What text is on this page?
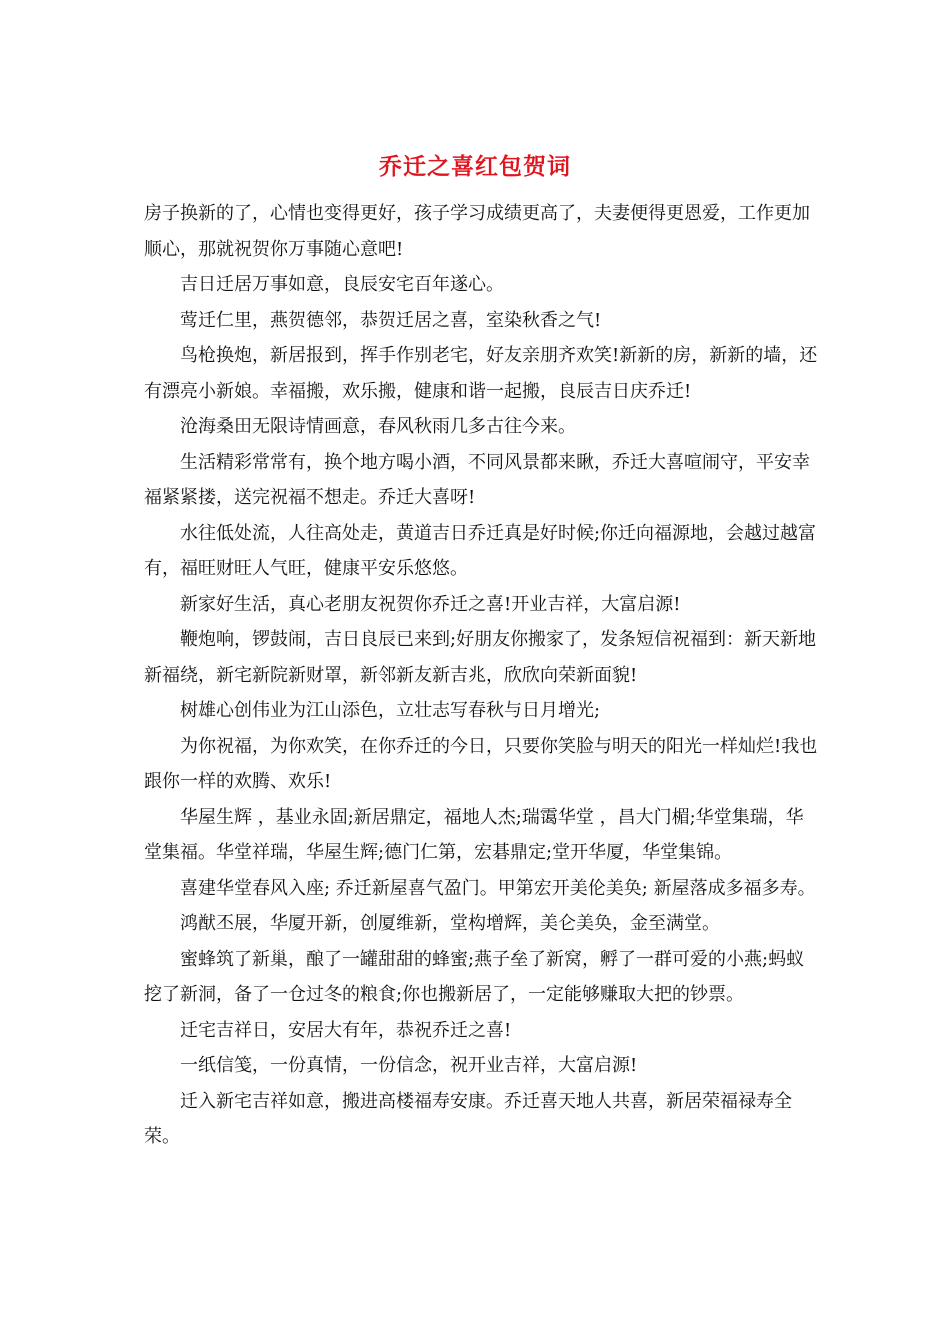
乔迁之喜红包贺词

房子换新的了，心情也变得更好，孩子学习成绩更高了，夫妻便得更恩爱，工作更加顺心，那就祝贺你万事随心意吧!

吉日迁居万事如意，良辰安宅百年遂心。

莺迁仁里，燕贺德邻，恭贺迁居之喜，室染秋香之气!

鸟枪换炮，新居报到，挥手作别老宅，好友亲朋齐欢笑!新新的房，新新的墙，还有漂亮小新娘。幸福搬，欢乐搬，健康和谐一起搬，良辰吉日庆乔迁!

沧海桑田无限诗情画意，春风秋雨几多古往今来。

生活精彩常常有，换个地方喝小酒，不同风景都来瞅，乔迁大喜喧闹守，平安幸福紧紧搂，送完祝福不想走。乔迁大喜呀!

水往低处流，人往高处走，黄道吉日乔迁真是好时候;你迁向福源地，会越过越富有，福旺财旺人气旺，健康平安乐悠悠。

新家好生活，真心老朋友祝贺你乔迁之喜!开业吉祥，大富启源!

鞭炮响，锣鼓闹，吉日良辰已来到;好朋友你搬家了，发条短信祝福到：新天新地新福绕，新宅新院新财罩，新邻新友新吉兆，欣欣向荣新面貌!

树雄心创伟业为江山添色，立壮志写春秋与日月增光;

为你祝福，为你欢笑，在你乔迁的今日，只要你笑脸与明天的阳光一样灿烂!我也跟你一样的欢腾、欢乐!

华屋生辉 ，基业永固;新居鼎定，福地人杰;瑞霭华堂 ，昌大门楣;华堂集瑞，华堂集福。华堂祥瑞，华屋生辉;德门仁第，宏碁鼎定;堂开华厦，华堂集锦。

喜建华堂春风入座; 乔迁新屋喜气盈门。甲第宏开美伦美奂; 新屋落成多福多寿。

鸿猷丕展，华厦开新，创厦维新，堂构增辉，美仑美奂，金至满堂。

蜜蜂筑了新巢，酿了一罐甜甜的蜂蜜;燕子垒了新窝，孵了一群可爱的小燕;蚂蚁挖了新洞，备了一仓过冬的粮食;你也搬新居了，一定能够赚取大把的钞票。

迁宅吉祥日，安居大有年，恭祝乔迁之喜!

一纸信笺，一份真情，一份信念，祝开业吉祥，大富启源!

迁入新宅吉祥如意，搬进高楼福寿安康。乔迁喜天地人共喜，新居荣福禄寿全荣。
